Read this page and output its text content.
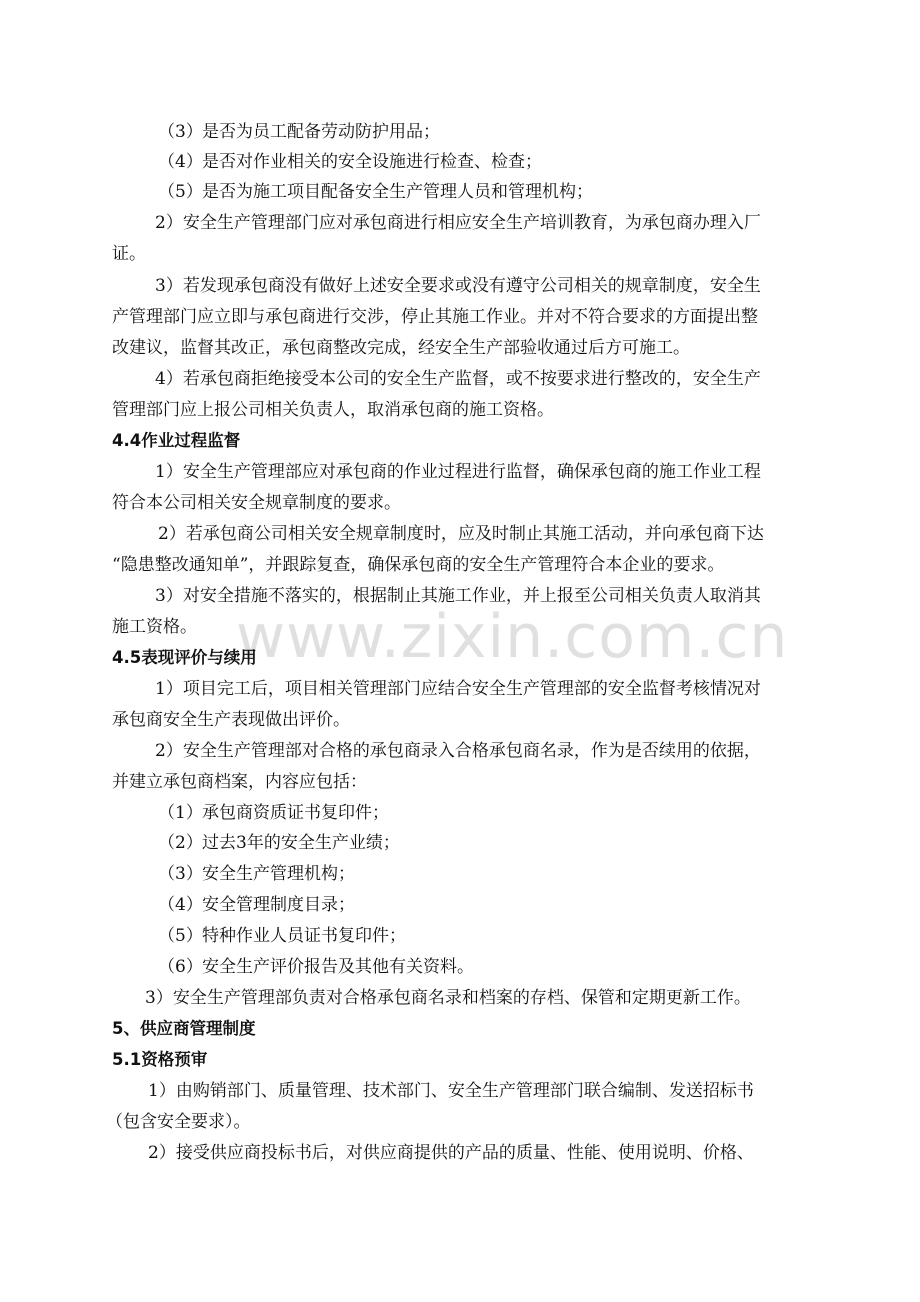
www.zixin.com.cn
（3）是否为员工配备劳动防护用品；
（4）是否对作业相关的安全设施进行检查、检查；
（5）是否为施工项目配备安全生产管理人员和管理机构；
2）安全生产管理部门应对承包商进行相应安全生产培训教育，为承包商办理入厂
证。
3）若发现承包商没有做好上述安全要求或没有遵守公司相关的规章制度，安全生
产管理部门应立即与承包商进行交涉，停止其施工作业。并对不符合要求的方面提出整
改建议，监督其改正，承包商整改完成，经安全生产部验收通过后方可施工。
4）若承包商拒绝接受本公司的安全生产监督，或不按要求进行整改的，安全生产
管理部门应上报公司相关负责人，取消承包商的施工资格。
4.4作业过程监督
1）安全生产管理部应对承包商的作业过程进行监督，确保承包商的施工作业工程
符合本公司相关安全规章制度的要求。
2）若承包商公司相关安全规章制度时，应及时制止其施工活动，并向承包商下达
“隐患整改通知单”，并跟踪复查，确保承包商的安全生产管理符合本企业的要求。
3）对安全措施不落实的，根据制止其施工作业，并上报至公司相关负责人取消其
施工资格。
4.5表现评价与续用
1）项目完工后，项目相关管理部门应结合安全生产管理部的安全监督考核情况对
承包商安全生产表现做出评价。
2）安全生产管理部对合格的承包商录入合格承包商名录，作为是否续用的依据，
并建立承包商档案，内容应包括：
（1）承包商资质证书复印件；
（2）过去3年的安全生产业绩；
（3）安全生产管理机构；
（4）安全管理制度目录；
（5）特种作业人员证书复印件；
（6）安全生产评价报告及其他有关资料。
3）安全生产管理部负责对合格承包商名录和档案的存档、保管和定期更新工作。
5、供应商管理制度
5.1资格预审
1）由购销部门、质量管理、技术部门、安全生产管理部门联合编制、发送招标书
（包含安全要求）。
2）接受供应商投标书后，对供应商提供的产品的质量、性能、使用说明、价格、
